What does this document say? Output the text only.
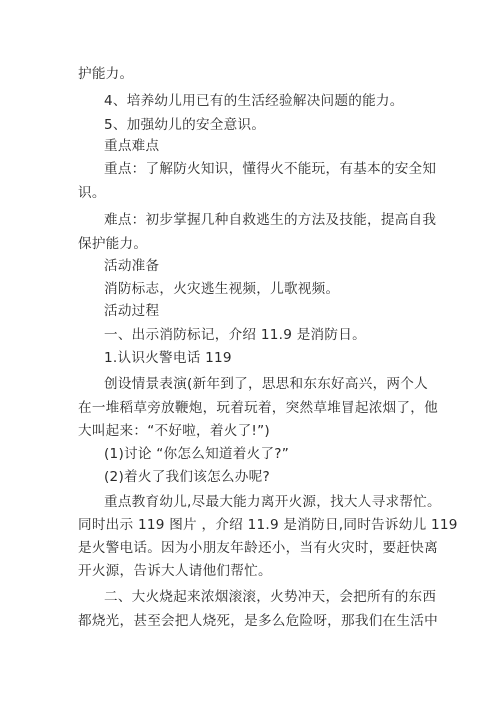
护能力。
4、培养幼儿用已有的生活经验解决问题的能力。
5、加强幼儿的安全意识。
重点难点
重点：了解防火知识，懂得火不能玩，有基本的安全知
识。
难点：初步掌握几种自救逃生的方法及技能，提高自我
保护能力。
活动准备
消防标志，火灾逃生视频，儿歌视频。
活动过程
一、出示消防标记，介绍 11.9 是消防日。
1.认识火警电话 119
创设情景表演(新年到了，思思和东东好高兴，两个人
在一堆稻草旁放鞭炮，玩着玩着，突然草堆冒起浓烟了，他
大叫起来：“不好啦，着火了!”)
(1)讨论 “你怎么知道着火了?”
(2)着火了我们该怎么办呢?
重点教育幼儿,尽最大能力离开火源，找大人寻求帮忙。
同时出示 119 图片 ，介绍 11.9 是消防日,同时告诉幼儿 119
是火警电话。因为小朋友年龄还小，当有火灾时，要赶快离
开火源，告诉大人请他们帮忙。
二、大火烧起来浓烟滚滚，火势冲天，会把所有的东西
都烧光，甚至会把人烧死，是多么危险呀，那我们在生活中
